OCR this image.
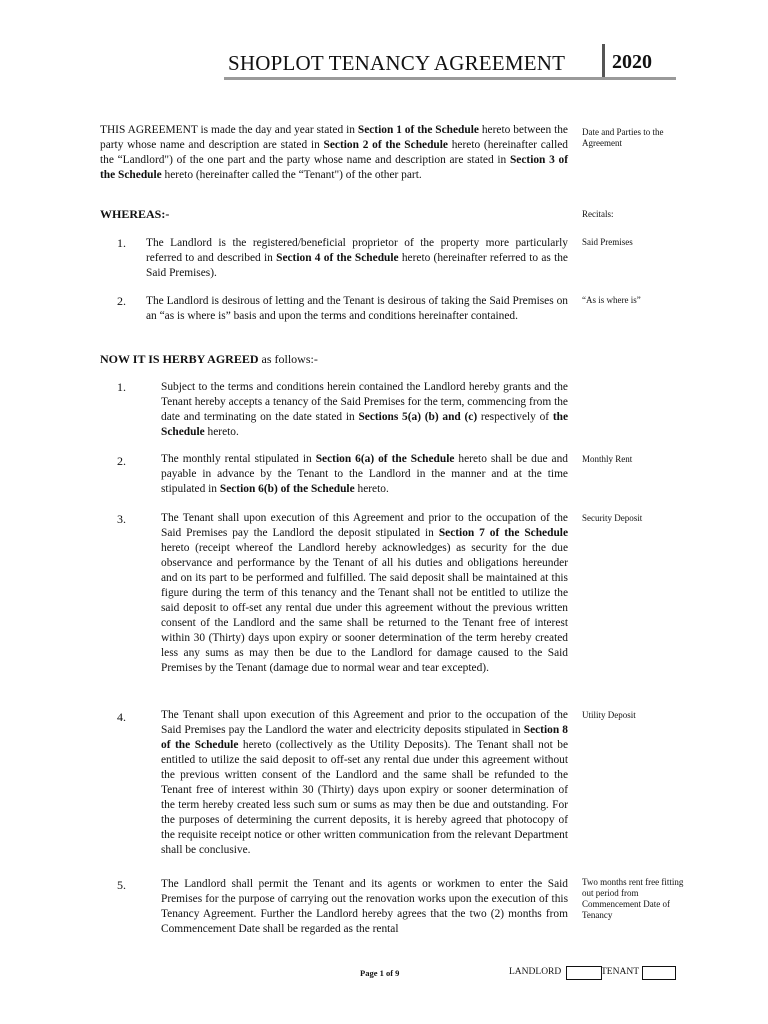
SHOPLOT TENANCY AGREEMENT 2020
THIS AGREEMENT is made the day and year stated in Section 1 of the Schedule hereto between the party whose name and description are stated in Section 2 of the Schedule hereto (hereinafter called the “Landlord") of the one part and the party whose name and description are stated in Section 3 of the Schedule hereto (hereinafter called the “Tenant") of the other part.
Date and Parties to the Agreement
WHEREAS:-	Recitals:
1. The Landlord is the registered/beneficial proprietor of the property more particularly referred to and described in Section 4 of the Schedule hereto (hereinafter referred to as the Said Premises).
Said Premises
2. The Landlord is desirous of letting and the Tenant is desirous of taking the Said Premises on an “as is where is” basis and upon the terms and conditions hereinafter contained.
“As is where is”
NOW IT IS HERBY AGREED as follows:-
1.	Subject to the terms and conditions herein contained the Landlord hereby grants and the Tenant hereby accepts a tenancy of the Said Premises for the term, commencing from the date and terminating on the date stated in Sections 5(a) (b) and (c) respectively of the Schedule hereto.
2.	The monthly rental stipulated in Section 6(a) of the Schedule hereto shall be due and payable in advance by the Tenant to the Landlord in the manner and at the time stipulated in Section 6(b) of the Schedule hereto.
Monthly Rent
3.	The Tenant shall upon execution of this Agreement and prior to the occupation of the Said Premises pay the Landlord the deposit stipulated in Section 7 of the Schedule hereto (receipt whereof the Landlord hereby acknowledges) as security for the due observance and performance by the Tenant of all his duties and obligations hereunder and on its part to be performed and fulfilled. The said deposit shall be maintained at this figure during the term of this tenancy and the Tenant shall not be entitled to utilize the said deposit to off-set any rental due under this agreement without the previous written consent of the Landlord and the same shall be returned to the Tenant free of interest within 30 (Thirty) days upon expiry or sooner determination of the term hereby created less any sums as may then be due to the Landlord for damage caused to the Said Premises by the Tenant (damage due to normal wear and tear excepted).
Security Deposit
4.	The Tenant shall upon execution of this Agreement and prior to the occupation of the Said Premises pay the Landlord the water and electricity deposits stipulated in Section 8 of the Schedule hereto (collectively as the Utility Deposits). The Tenant shall not be entitled to utilize the said deposit to off-set any rental due under this agreement without the previous written consent of the Landlord and the same shall be refunded to the Tenant free of interest within 30 (Thirty) days upon expiry or sooner determination of the term hereby created less such sum or sums as may then be due and outstanding. For the purposes of determining the current deposits, it is hereby agreed that photocopy of the requisite receipt notice or other written communication from the relevant Department shall be conclusive.
Utility Deposit
5.	The Landlord shall permit the Tenant and its agents or workmen to enter the Said Premises for the purpose of carrying out the renovation works upon the execution of this Tenancy Agreement. Further the Landlord hereby agrees that the two (2) months from Commencement Date shall be regarded as the rental
Two months rent free fitting out period from Commencement Date of Tenancy
Page 1 of 9	LANDLORD	TENANT
